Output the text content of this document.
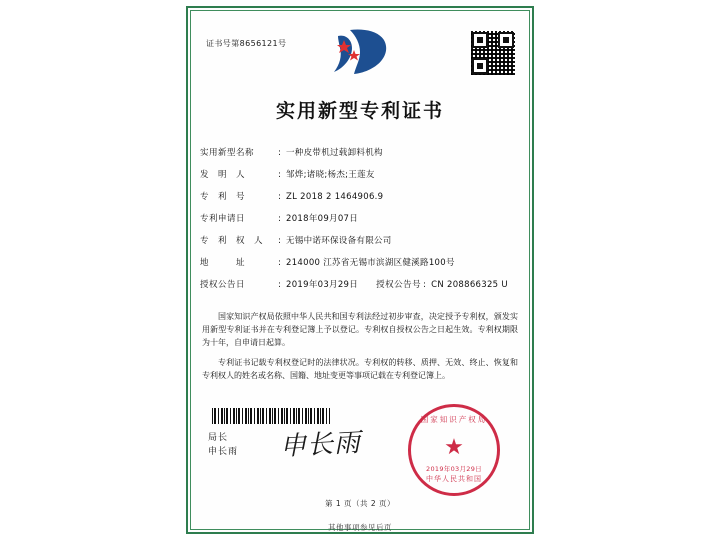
证书号第8656121号
实用新型专利证书
实用新型名称	: 一种皮带机过载卸料机构
发　明　人	: 邹烨;诸晓;杨杰;王莲友
专　利　号	: ZL 2018 2 1464906.9
专利申请日	: 2018年09月07日
专　利　权　人	: 无锡中诺环保设备有限公司
地　　　址	: 214000 江苏省无锡市滨湖区健溪路100号
授权公告日	: 2019年03月29日 授权公告号 : CN 208866325 U

国家知识产权局依照中华人民共和国专利法经过初步审查，决定授予专利权，颁发实用新型专利证书并在专利登记簿上予以登记。专利权自授权公告之日起生效。专利权期限为十年，自申请日起算。

专利证书记载专利权登记时的法律状况。专利权的转移、质押、无效、终止、恢复和专利权人的姓名或名称、国籍、地址变更等事项记载在专利登记簿上。

局长
申长雨	申长雨
国家知识产权局
★
2019年03月29日
中华人民共和国
第 1 页（共 2 页）
其他事项参见后页
